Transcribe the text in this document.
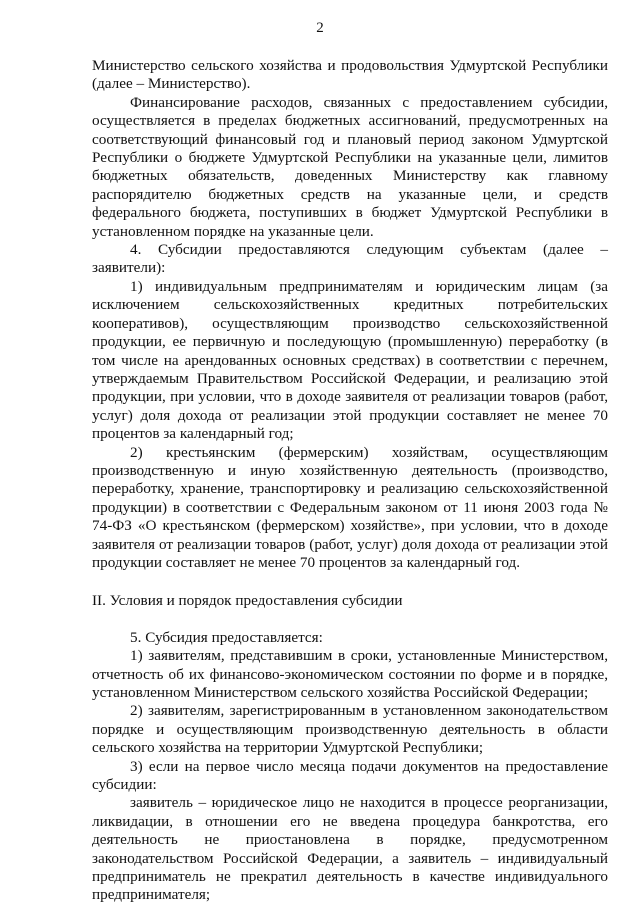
2

Министерство сельского хозяйства и продовольствия Удмуртской Республики (далее – Министерство).

Финансирование расходов, связанных с предоставлением субсидии, осуществляется в пределах бюджетных ассигнований, предусмотренных на соответствующий финансовый год и плановый период законом Удмуртской Республики о бюджете Удмуртской Республики на указанные цели, лимитов бюджетных обязательств, доведенных Министерству как главному распорядителю бюджетных средств на указанные цели, и средств федерального бюджета, поступивших в бюджет Удмуртской Республики в установленном порядке на указанные цели.

4. Субсидии предоставляются следующим субъектам (далее – заявители):

1) индивидуальным предпринимателям и юридическим лицам (за исключением сельскохозяйственных кредитных потребительских кооперативов), осуществляющим производство сельскохозяйственной продукции, ее первичную и последующую (промышленную) переработку (в том числе на арендованных основных средствах) в соответствии с перечнем, утверждаемым Правительством Российской Федерации, и реализацию этой продукции, при условии, что в доходе заявителя от реализации товаров (работ, услуг) доля дохода от реализации этой продукции составляет не менее 70 процентов за календарный год;

2) крестьянским (фермерским) хозяйствам, осуществляющим производственную и иную хозяйственную деятельность (производство, переработку, хранение, транспортировку и реализацию сельскохозяйственной продукции) в соответствии с Федеральным законом от 11 июня 2003 года № 74-ФЗ «О крестьянском (фермерском) хозяйстве», при условии, что в доходе заявителя от реализации товаров (работ, услуг) доля дохода от реализации этой продукции составляет не менее 70 процентов за календарный год.

II. Условия и порядок предоставления субсидии

5. Субсидия предоставляется:

1) заявителям, представившим в сроки, установленные Министерством, отчетность об их финансово-экономическом состоянии по форме и в порядке, установленном Министерством сельского хозяйства Российской Федерации;

2) заявителям, зарегистрированным в установленном законодательством порядке и осуществляющим производственную деятельность в области сельского хозяйства на территории Удмуртской Республики;

3) если на первое число месяца подачи документов на предоставление субсидии:

заявитель – юридическое лицо не находится в процессе реорганизации, ликвидации, в отношении его не введена процедура банкротства, его деятельность не приостановлена в порядке, предусмотренном законодательством Российской Федерации, а заявитель – индивидуальный предприниматель не прекратил деятельность в качестве индивидуального предпринимателя;
